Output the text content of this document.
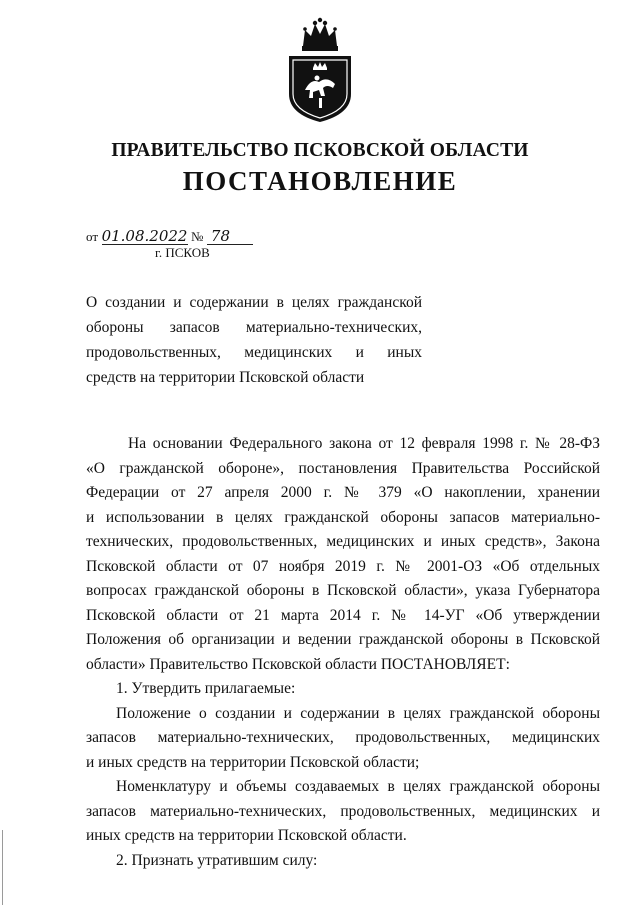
ПРАВИТЕЛЬСТВО ПСКОВСКОЙ ОБЛАСТИ
ПОСТАНОВЛЕНИЕ
от 01.08.2022 № 78
г. ПСКОВ
О создании и содержании в целях гражданской
обороны запасов материально-технических,
продовольственных, медицинских и иных
средств на территории Псковской области
На основании Федерального закона от 12 февраля 1998 г. № 28-ФЗ
«О гражданской обороне», постановления Правительства Российской
Федерации от 27 апреля 2000 г. № 379 «О накоплении, хранении
и использовании в целях гражданской обороны запасов материально-
технических, продовольственных, медицинских и иных средств», Закона
Псковской области от 07 ноября 2019 г. № 2001-ОЗ «Об отдельных
вопросах гражданской обороны в Псковской области», указа Губернатора
Псковской области от 21 марта 2014 г. № 14-УГ «Об утверждении
Положения об организации и ведении гражданской обороны в Псковской
области» Правительство Псковской области ПОСТАНОВЛЯЕТ:
1. Утвердить прилагаемые:
Положение о создании и содержании в целях гражданской обороны
запасов материально-технических, продовольственных, медицинских
и иных средств на территории Псковской области;
Номенклатуру и объемы создаваемых в целях гражданской обороны
запасов материально-технических, продовольственных, медицинских и
иных средств на территории Псковской области.
2. Признать утратившим силу:
